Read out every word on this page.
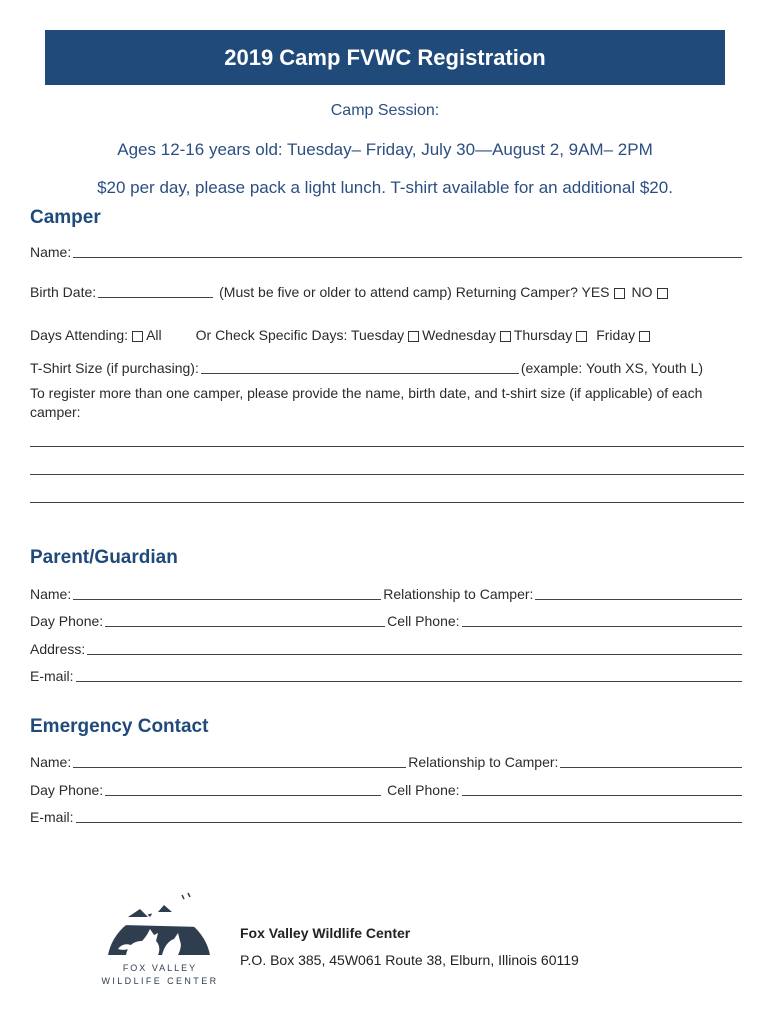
2019 Camp FVWC Registration
Camp Session:
Ages 12-16 years old: Tuesday– Friday, July 30—August 2, 9AM– 2PM
$20 per day, please pack a light lunch. T-shirt available for an additional $20.
Camper
Name:
Birth Date:	(Must be five or older to attend camp) Returning Camper? YES NO
Days Attending: All Or Check Specific Days: Tuesday Wednesday Thursday Friday
T-Shirt Size (if purchasing):	(example: Youth XS, Youth L)
To register more than one camper, please provide the name, birth date, and t-shirt size (if applicable) of each camper:
Parent/Guardian
Name:	Relationship to Camper:
Day Phone:	Cell Phone:
Address:
E-mail:
Emergency Contact
Name:	Relationship to Camper:
Day Phone:	Cell Phone:
E-mail:
FOX VALLEY
WILDLIFE CENTER
Fox Valley Wildlife Center
P.O. Box 385, 45W061 Route 38, Elburn, Illinois 60119
